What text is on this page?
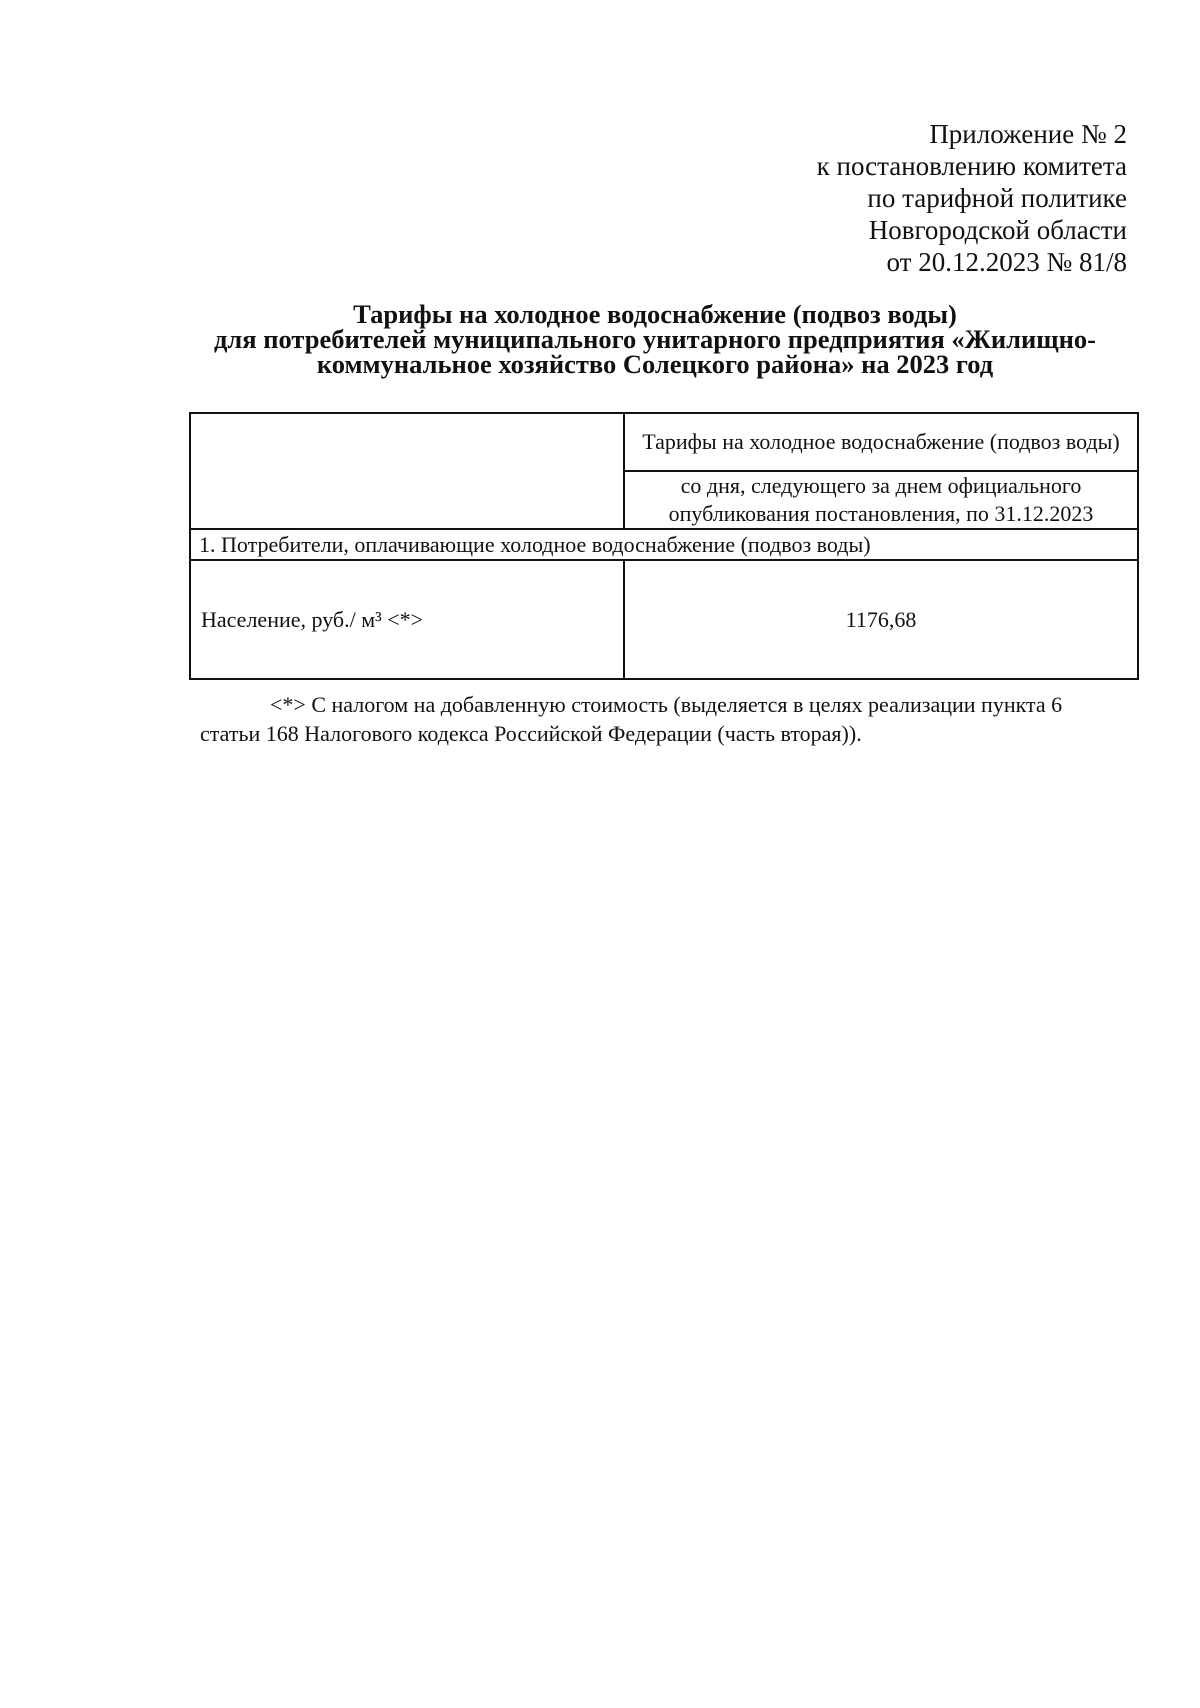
Приложение № 2
к постановлению комитета
по тарифной политике
Новгородской области
от 20.12.2023 № 81/8
Тарифы на холодное водоснабжение (подвоз воды)
для потребителей муниципального унитарного предприятия «Жилищно-
коммунальное хозяйство Солецкого района» на 2023 год
	Тарифы на холодное водоснабжение (подвоз воды)
	со дня, следующего за днем официального опубликования постановления, по 31.12.2023
1. Потребители, оплачивающие холодное водоснабжение (подвоз воды)	
Население, руб./ м³ <*>	1176,68
<*> С налогом на добавленную стоимость (выделяется в целях реализации пункта 6
статьи 168 Налогового кодекса Российской Федерации (часть вторая)).
